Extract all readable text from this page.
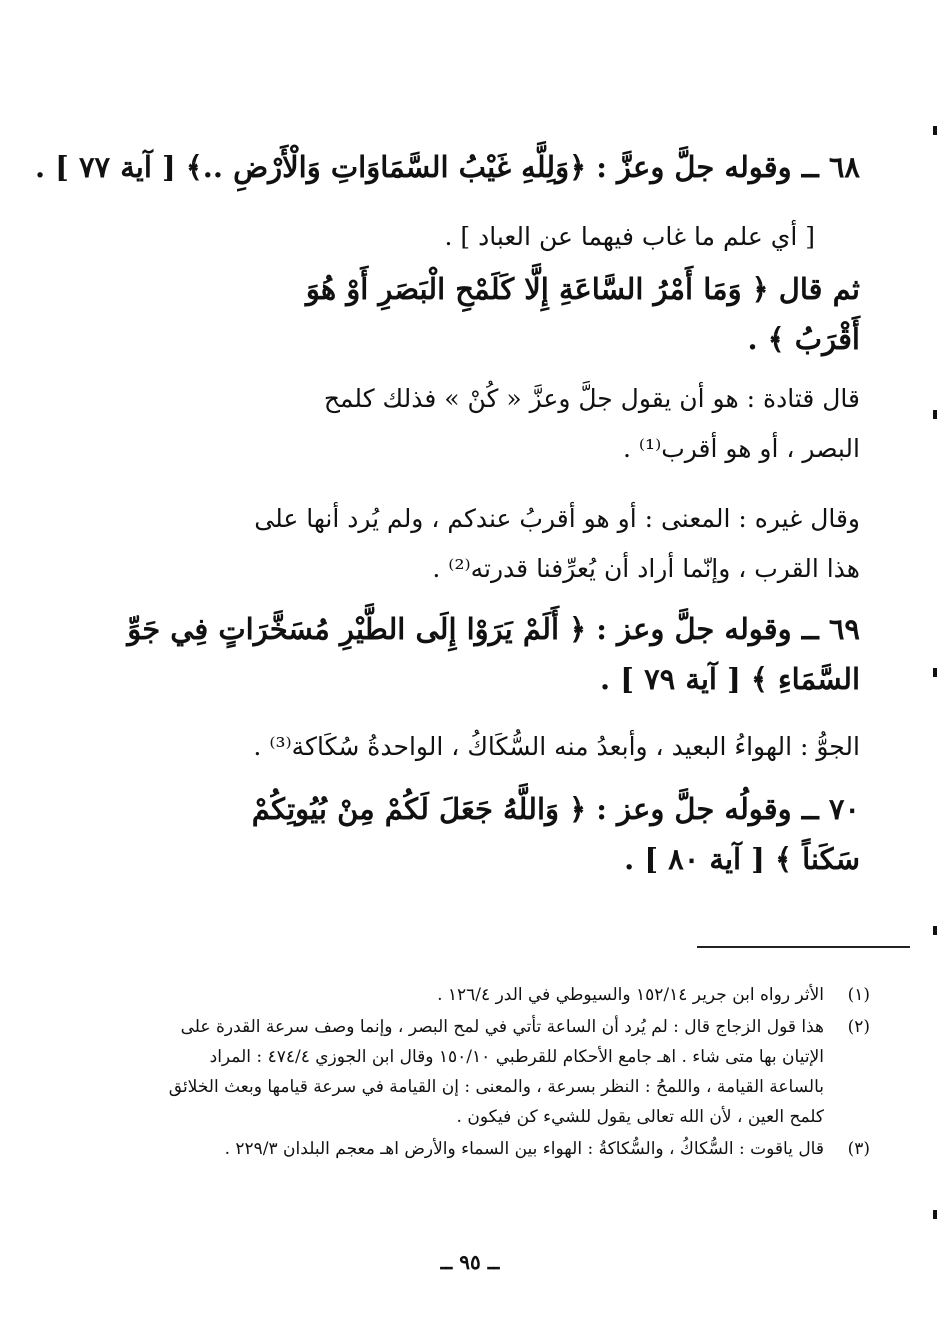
٦٨ ــ وقوله جلَّ وعزَّ : ﴿وَلِلَّهِ غَيْبُ السَّمَاوَاتِ وَالْأَرْضِ ..﴾ [ آية ٧٧ ] .
[ أي علم ما غاب فيهما عن العباد ] .
ثم قال ﴿ وَمَا أَمْرُ السَّاعَةِ إِلَّا كَلَمْحِ الْبَصَرِ أَوْ هُوَ
أَقْرَبُ ﴾ .
قال قتادة : هو أن يقول جلَّ وعزَّ « كُنْ » فذلك كلمح
البصر ، أو هو أقرب⁽¹⁾ .
وقال غيره : المعنى : أو هو أقربُ عندكم ، ولم يُرد أنها على
هذا القرب ، وإنّما أراد أن يُعرِّفنا قدرته⁽²⁾ .
٦٩ ــ وقوله جلَّ وعز : ﴿ أَلَمْ يَرَوْا إِلَى الطَّيْرِ مُسَخَّرَاتٍ فِي جَوِّ
السَّمَاءِ ﴾ [ آية ٧٩ ] .
الجوُّ : الهواءُ البعيد ، وأبعدُ منه السُّكَاكُ ، الواحدةُ سُكَاكة⁽³⁾ .
٧٠ ــ وقولُه جلَّ وعز : ﴿ وَاللَّهُ جَعَلَ لَكُمْ مِنْ بُيُوتِكُمْ
سَكَناً ﴾ [ آية ٨٠ ] .
(١)
الأثر رواه ابن جرير ١٥٢/١٤ والسيوطي في الدر ١٢٦/٤ .
(٢)
هذا قول الزجاج قال : لم يُرد أن الساعة تأتي في لمح البصر ، وإنما وصف سرعة القدرة على
الإتيان بها متى شاء . اهـ جامع الأحكام للقرطبي ١٥٠/١٠ وقال ابن الجوزي ٤٧٤/٤ : المراد
بالساعة القيامة ، واللمحُ : النظر بسرعة ، والمعنى : إن القيامة في سرعة قيامها وبعث الخلائق
كلمح العين ، لأن الله تعالى يقول للشيء كن فيكون .
(٣)
قال ياقوت : السُّكاكُ ، والسُّكاكةُ : الهواء بين السماء والأرض اهـ معجم البلدان ٢٢٩/٣ .
ــ ٩٥ ــ
